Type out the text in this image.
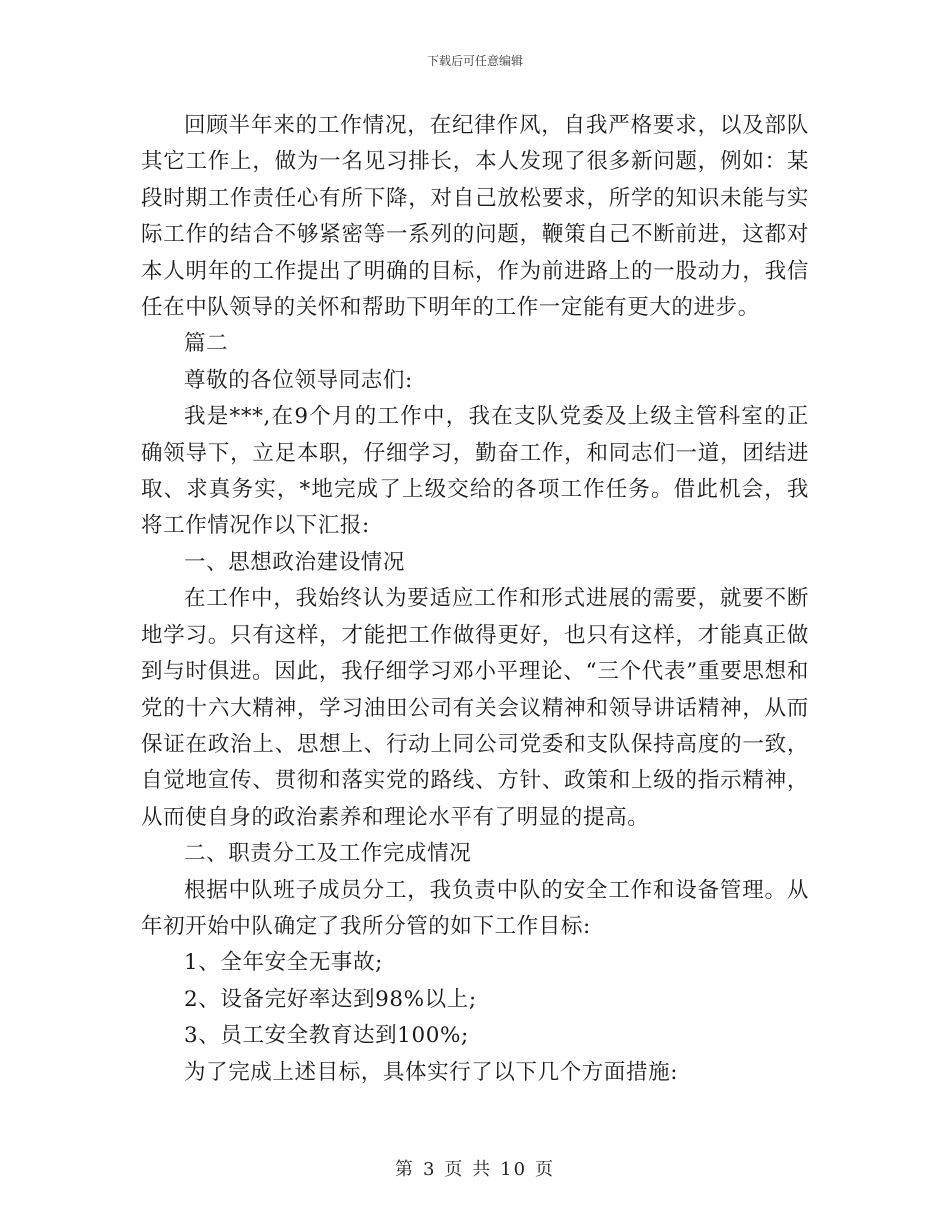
下载后可任意编辑

回顾半年来的工作情况，在纪律作风，自我严格要求，以及部队其它工作上，做为一名见习排长，本人发现了很多新问题，例如：某段时期工作责任心有所下降，对自己放松要求，所学的知识未能与实际工作的结合不够紧密等一系列的问题，鞭策自己不断前进，这都对本人明年的工作提出了明确的目标，作为前进路上的一股动力，我信任在中队领导的关怀和帮助下明年的工作一定能有更大的进步。

篇二

尊敬的各位领导同志们:

我是***,在9个月的工作中，我在支队党委及上级主管科室的正确领导下，立足本职，仔细学习，勤奋工作，和同志们一道，团结进取、求真务实，*地完成了上级交给的各项工作任务。借此机会，我将工作情况作以下汇报:

一、思想政治建设情况

在工作中，我始终认为要适应工作和形式进展的需要，就要不断地学习。只有这样，才能把工作做得更好，也只有这样，才能真正做到与时俱进。因此，我仔细学习邓小平理论、“三个代表”重要思想和党的十六大精神，学习油田公司有关会议精神和领导讲话精神，从而保证在政治上、思想上、行动上同公司党委和支队保持高度的一致，自觉地宣传、贯彻和落实党的路线、方针、政策和上级的指示精神，从而使自身的政治素养和理论水平有了明显的提高。

二、职责分工及工作完成情况

根据中队班子成员分工，我负责中队的安全工作和设备管理。从年初开始中队确定了我所分管的如下工作目标:

1、全年安全无事故;

2、设备完好率达到98%以上;

3、员工安全教育达到100%;

为了完成上述目标，具体实行了以下几个方面措施:

第 3 页 共 10 页
